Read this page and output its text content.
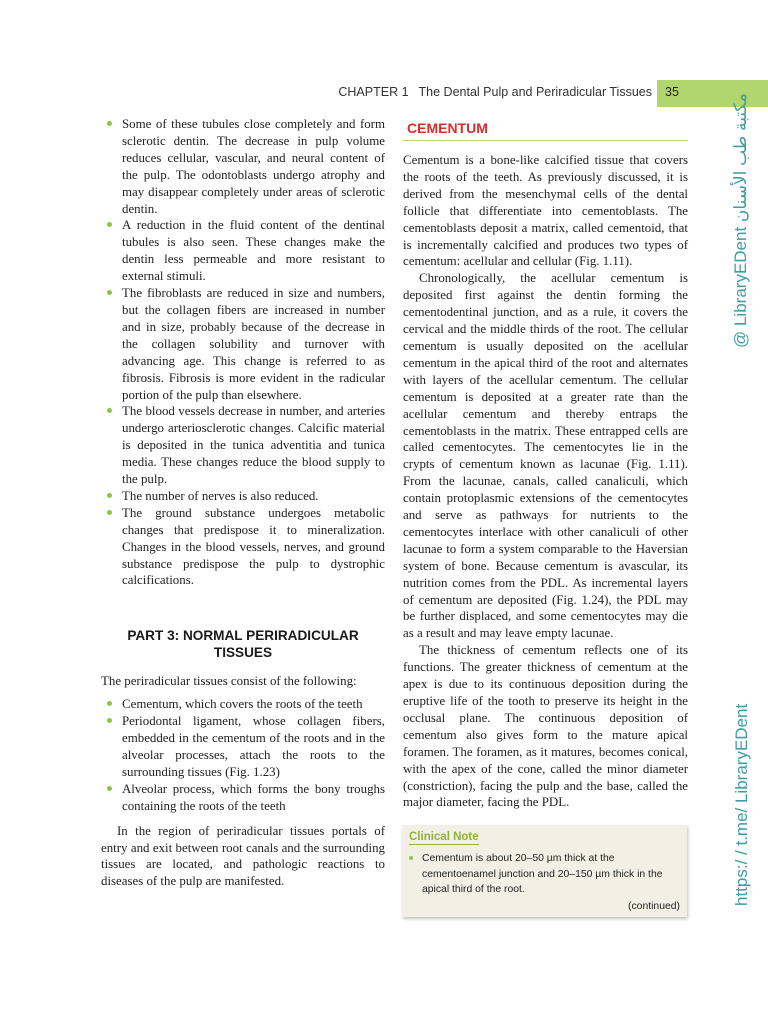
CHAPTER 1 The Dental Pulp and Periradicular Tissues 35
Some of these tubules close completely and form sclerotic dentin. The decrease in pulp volume reduces cellular, vascular, and neural content of the pulp. The odontoblasts undergo atrophy and may disappear completely under areas of sclerotic dentin.
A reduction in the fluid content of the dentinal tubules is also seen. These changes make the dentin less permeable and more resistant to external stimuli.
The fibroblasts are reduced in size and numbers, but the collagen fibers are increased in number and in size, probably because of the decrease in the collagen solubility and turnover with advancing age. This change is referred to as fibrosis. Fibrosis is more evident in the radicular portion of the pulp than elsewhere.
The blood vessels decrease in number, and arteries undergo arteriosclerotic changes. Calcific material is deposited in the tunica adventitia and tunica media. These changes reduce the blood supply to the pulp.
The number of nerves is also reduced.
The ground substance undergoes metabolic changes that predispose it to mineralization. Changes in the blood vessels, nerves, and ground substance predispose the pulp to dystrophic calcifications.
PART 3: NORMAL PERIRADICULAR
TISSUES

The periradicular tissues consist of the following:

Cementum, which covers the roots of the teeth
Periodontal ligament, whose collagen fibers, embedded in the cementum of the roots and in the alveolar processes, attach the roots to the surrounding tissues (Fig. 1.23)
Alveolar process, which forms the bony troughs containing the roots of the teeth

In the region of periradicular tissues portals of entry and exit between root canals and the surrounding tissues are located, and pathologic reactions to diseases of the pulp are manifested.

CEMENTUM

Cementum is a bone-like calcified tissue that covers the roots of the teeth. As previously discussed, it is derived from the mesenchymal cells of the dental follicle that differentiate into cementoblasts. The cementoblasts deposit a matrix, called cementoid, that is incrementally calcified and produces two types of cementum: acellular and cellular (Fig. 1.11).

Chronologically, the acellular cementum is deposited first against the dentin forming the cementodentinal junction, and as a rule, it covers the cervical and the middle thirds of the root. The cellular cementum is usually deposited on the acellular cementum in the apical third of the root and alternates with layers of the acellular cementum. The cellular cementum is deposited at a greater rate than the acellular cementum and thereby entraps the cementoblasts in the matrix. These entrapped cells are called cementocytes. The cementocytes lie in the crypts of cementum known as lacunae (Fig. 1.11). From the lacunae, canals, called canaliculi, which contain protoplasmic extensions of the cementocytes and serve as pathways for nutrients to the cementocytes interlace with other canaliculi of other lacunae to form a system comparable to the Haversian system of bone. Because cementum is avascular, its nutrition comes from the PDL. As incremental layers of cementum are deposited (Fig. 1.24), the PDL may be further displaced, and some cementocytes may die as a result and may leave empty lacunae.

The thickness of cementum reflects one of its functions. The greater thickness of cementum at the apex is due to its continuous deposition during the eruptive life of the tooth to preserve its height in the occlusal plane. The continuous deposition of cementum also gives form to the mature apical foramen. The foramen, as it matures, becomes conical, with the apex of the cone, called the minor diameter (constriction), facing the pulp and the base, called the major diameter, facing the PDL.

Clinical Note
Cementum is about 20–50 µm thick at the cementoenamel junction and 20–150 µm thick in the apical third of the root.
(continued)
@ LibraryEDent مكتبة طب الأسنان
https:/ / t.me/ LibraryEDent
